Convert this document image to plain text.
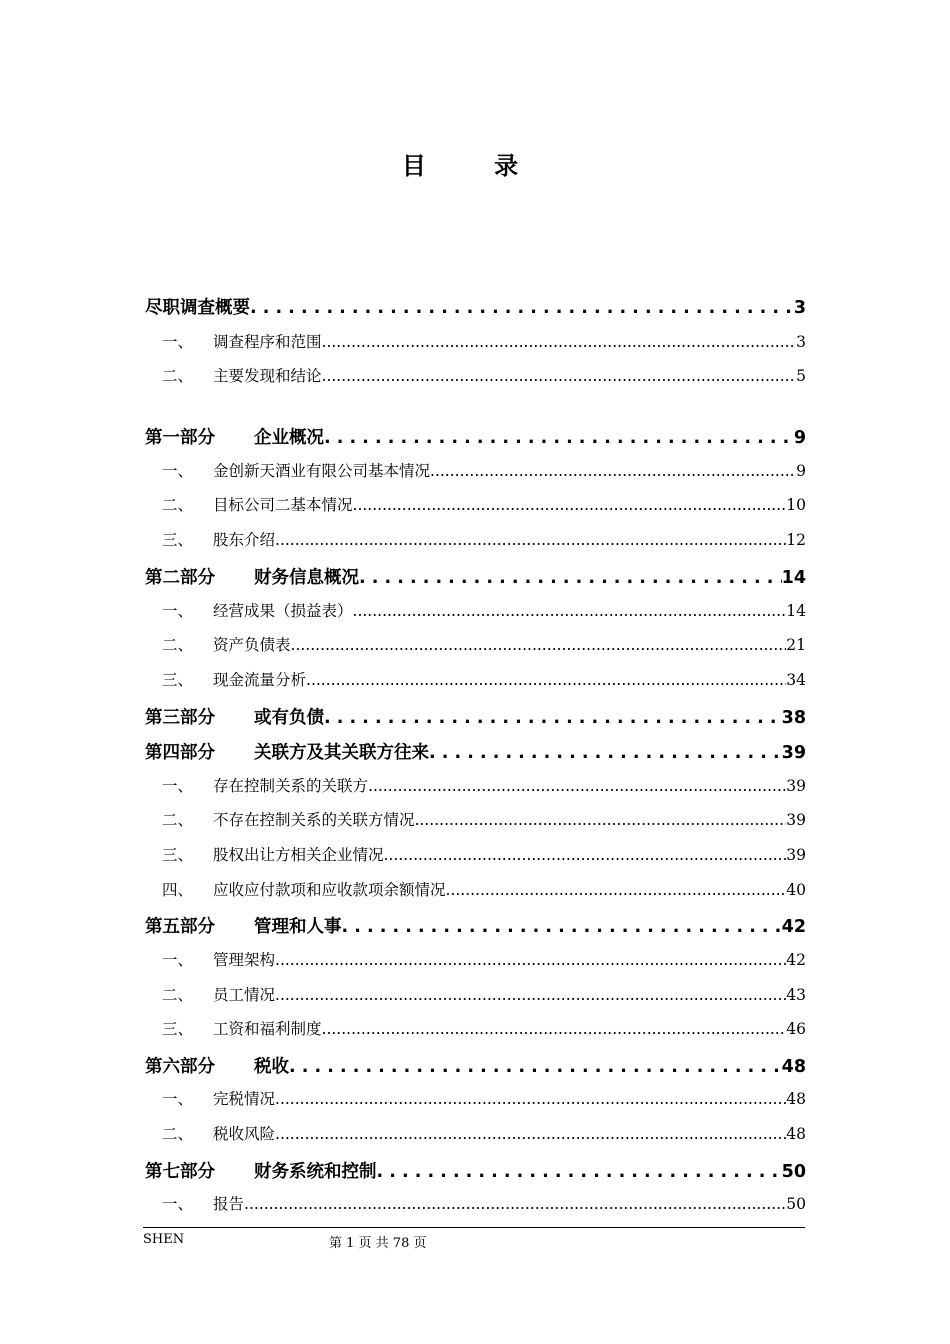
目 录
尽职调查概要 . . .	3
一、	调查程序和范围 .....	3
二、	主要发现和结论 .....	5
第一部分	企业概况 . . .	9
一、	金创新天酒业有限公司基本情况 .....	9
二、	目标公司二基本情况 .....	10
三、	股东介绍 .....	12
第二部分	财务信息概况 . . .	14
一、	经营成果（损益表） .....	14
二、	资产负债表 .....	21
三、	现金流量分析 .....	34
第三部分	或有负债 . . .	38
第四部分	关联方及其关联方往来 . . .	39
一、	存在控制关系的关联方 .....	39
二、	不存在控制关系的关联方情况 .....	39
三、	股权出让方相关企业情况 .....	39
四、	应收应付款项和应收款项余额情况 .....	40
第五部分	管理和人事 . . .	42
一、	管理架构 .....	42
二、	员工情况 .....	43
三、	工资和福利制度 .....	46
第六部分	税收 . . .	48
一、	完税情况 .....	48
二、	税收风险 .....	48
第七部分	财务系统和控制 . . .	50
一、	报告 .....	50
SHEN	第 1 页 共 78 页
